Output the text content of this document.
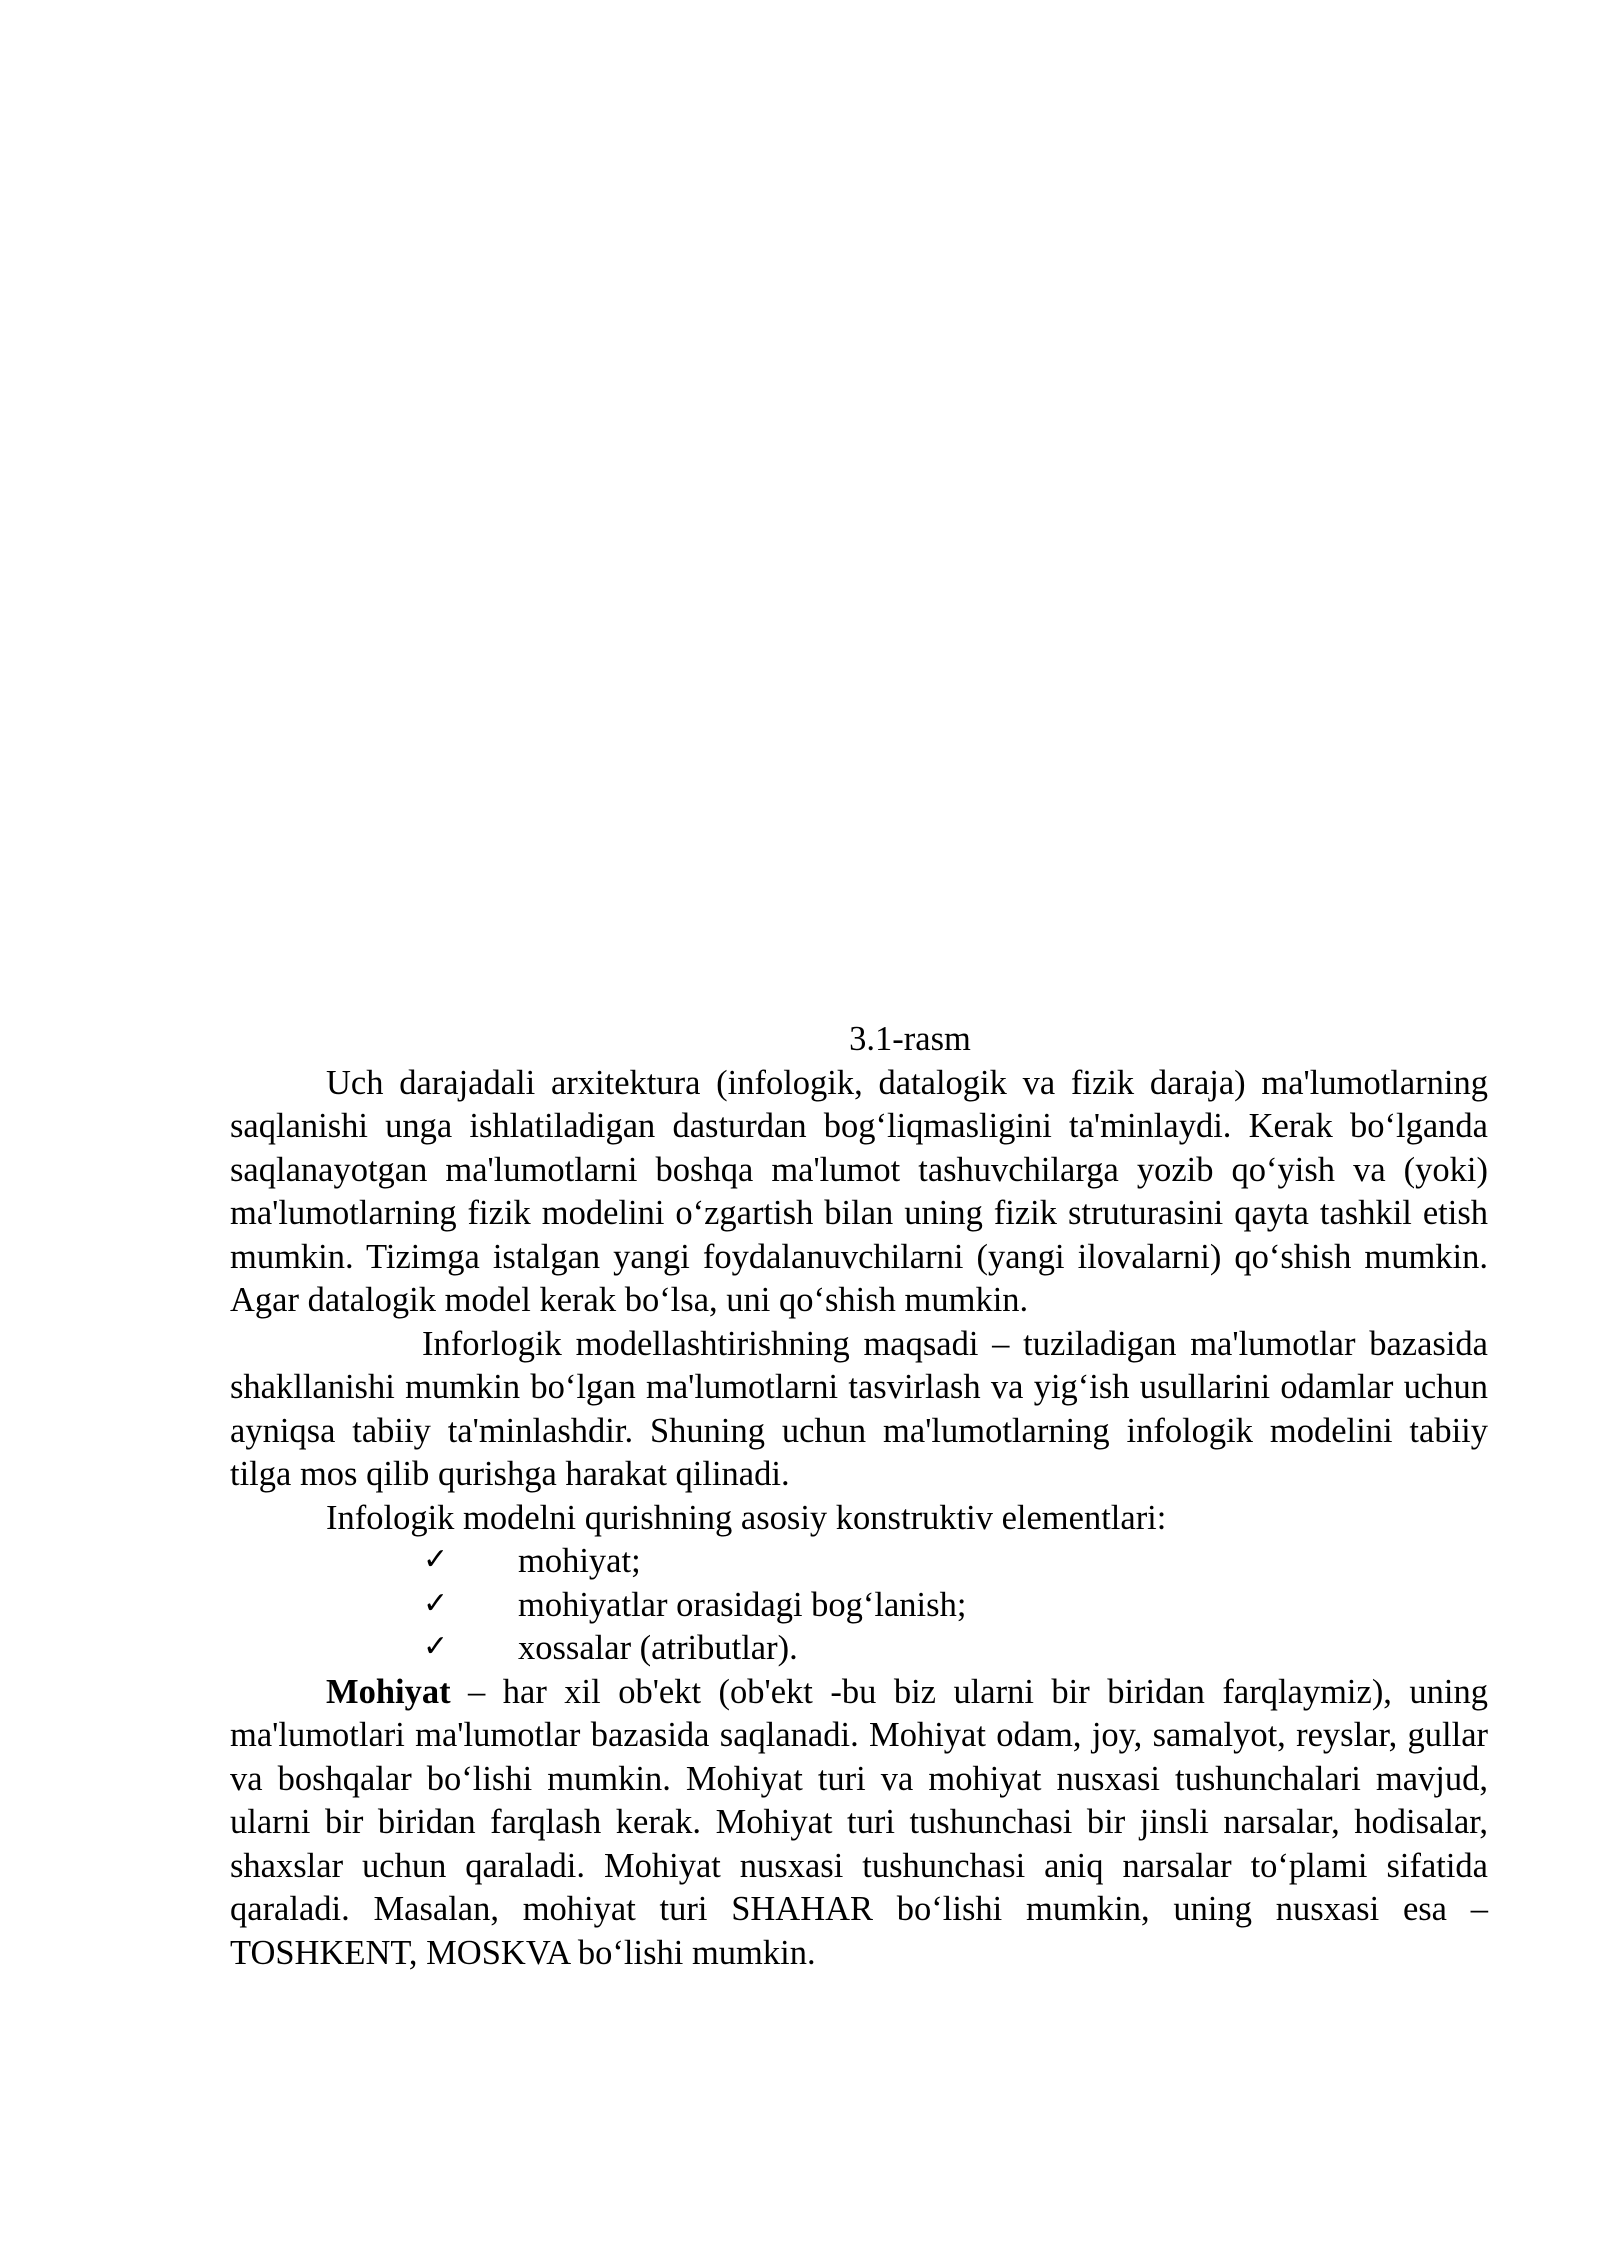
3.1-rasm

Uch darajadali arxitektura (infologik, datalogik va fizik daraja) ma'lumotlarning saqlanishi unga ishlatiladigan dasturdan bog‘liqmasligini ta'minlaydi. Kerak bo‘lganda saqlanayotgan ma'lumotlarni boshqa ma'lumot tashuvchilarga yozib qo‘yish va (yoki) ma'lumotlarning fizik modelini o‘zgartish bilan uning fizik struturasini qayta tashkil etish mumkin. Tizimga istalgan yangi foydalanuvchilarni (yangi ilovalarni) qo‘shish mumkin. Agar datalogik model kerak bo‘lsa, uni qo‘shish mumkin.

Inforlogik modellashtirishning maqsadi – tuziladigan ma'lumotlar bazasida shakllanishi mumkin bo‘lgan ma'lumotlarni tasvirlash va yig‘ish usullarini odamlar uchun ayniqsa tabiiy ta'minlashdir. Shuning uchun ma'lumotlarning infologik modelini tabiiy tilga mos qilib qurishga harakat qilinadi.

Infologik modelni qurishning asosiy konstruktiv elementlari:

✓ mohiyat;
✓ mohiyatlar orasidagi bog‘lanish;
✓ xossalar (atributlar).

Mohiyat – har xil ob'ekt (ob'ekt -bu biz ularni bir biridan farqlaymiz), uning ma'lumotlari ma'lumotlar bazasida saqlanadi. Mohiyat odam, joy, samalyot, reyslar, gullar va boshqalar bo‘lishi mumkin. Mohiyat turi va mohiyat nusxasi tushunchalari mavjud, ularni bir biridan farqlash kerak. Mohiyat turi tushunchasi bir jinsli narsalar, hodisalar, shaxslar uchun qaraladi. Mohiyat nusxasi tushunchasi aniq narsalar to‘plami sifatida qaraladi. Masalan, mohiyat turi SHAHAR bo‘lishi mumkin, uning nusxasi esa – TOSHKENT, MOSKVA bo‘lishi mumkin.
